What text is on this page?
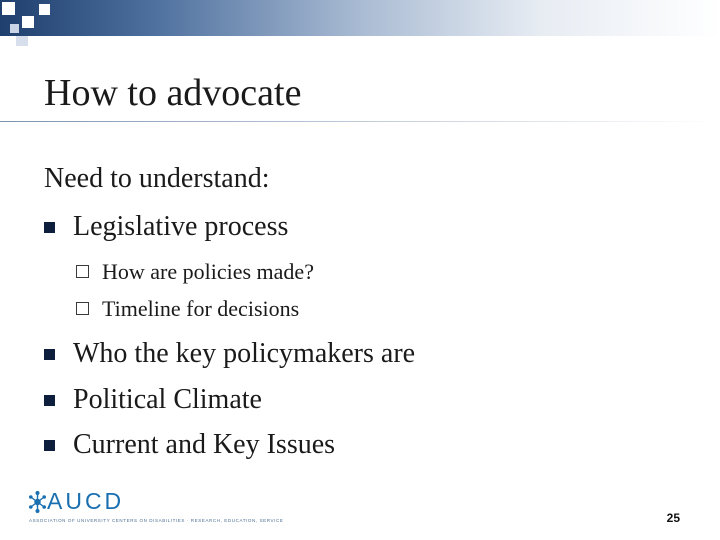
How to advocate
Need to understand:
Legislative process
How are policies made?
Timeline for decisions
Who the key policymakers are
Political Climate
Current and Key Issues
AUCD
ASSOCIATION OF UNIVERSITY CENTERS ON DISABILITIES · RESEARCH, EDUCATION, SERVICE	25
